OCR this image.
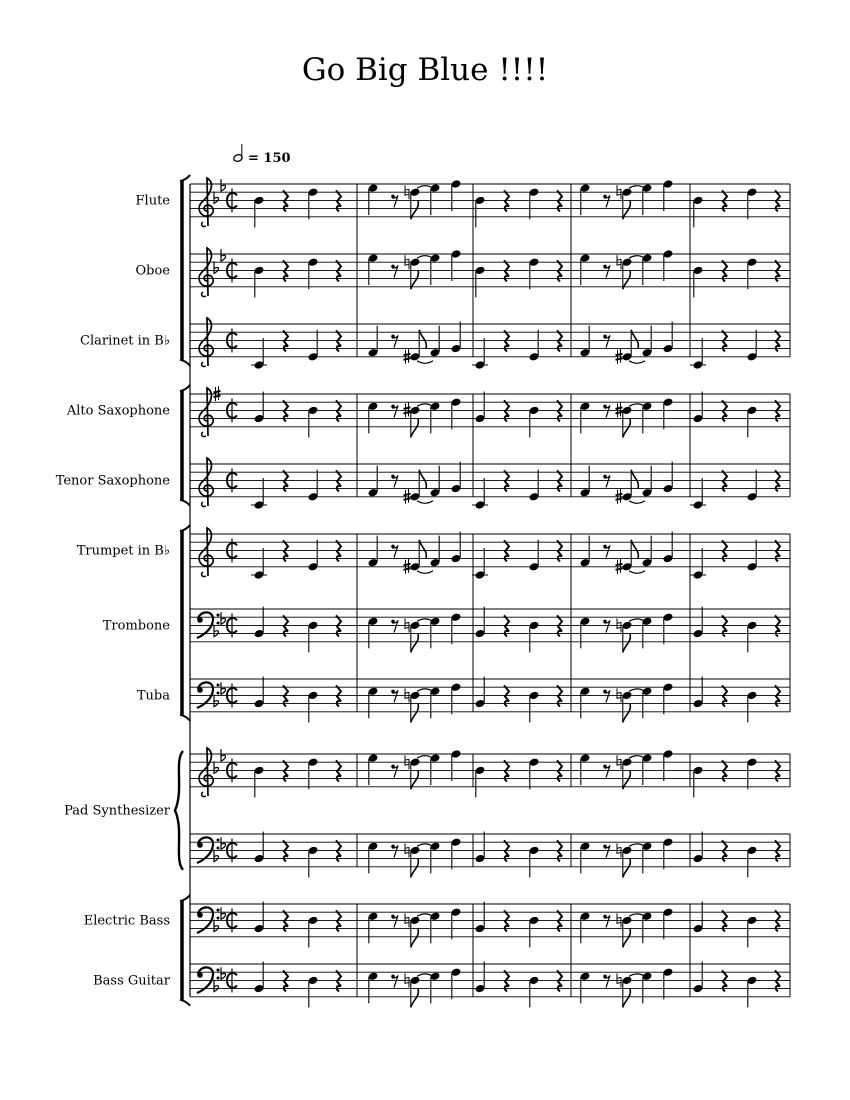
Go Big Blue !!!!
= 150
Flute
Oboe
Clarinet in B♭
Alto Saxophone
Tenor Saxophone
Trumpet in B♭
Trombone
Tuba
Pad Synthesizer
Electric Bass
Bass Guitar
